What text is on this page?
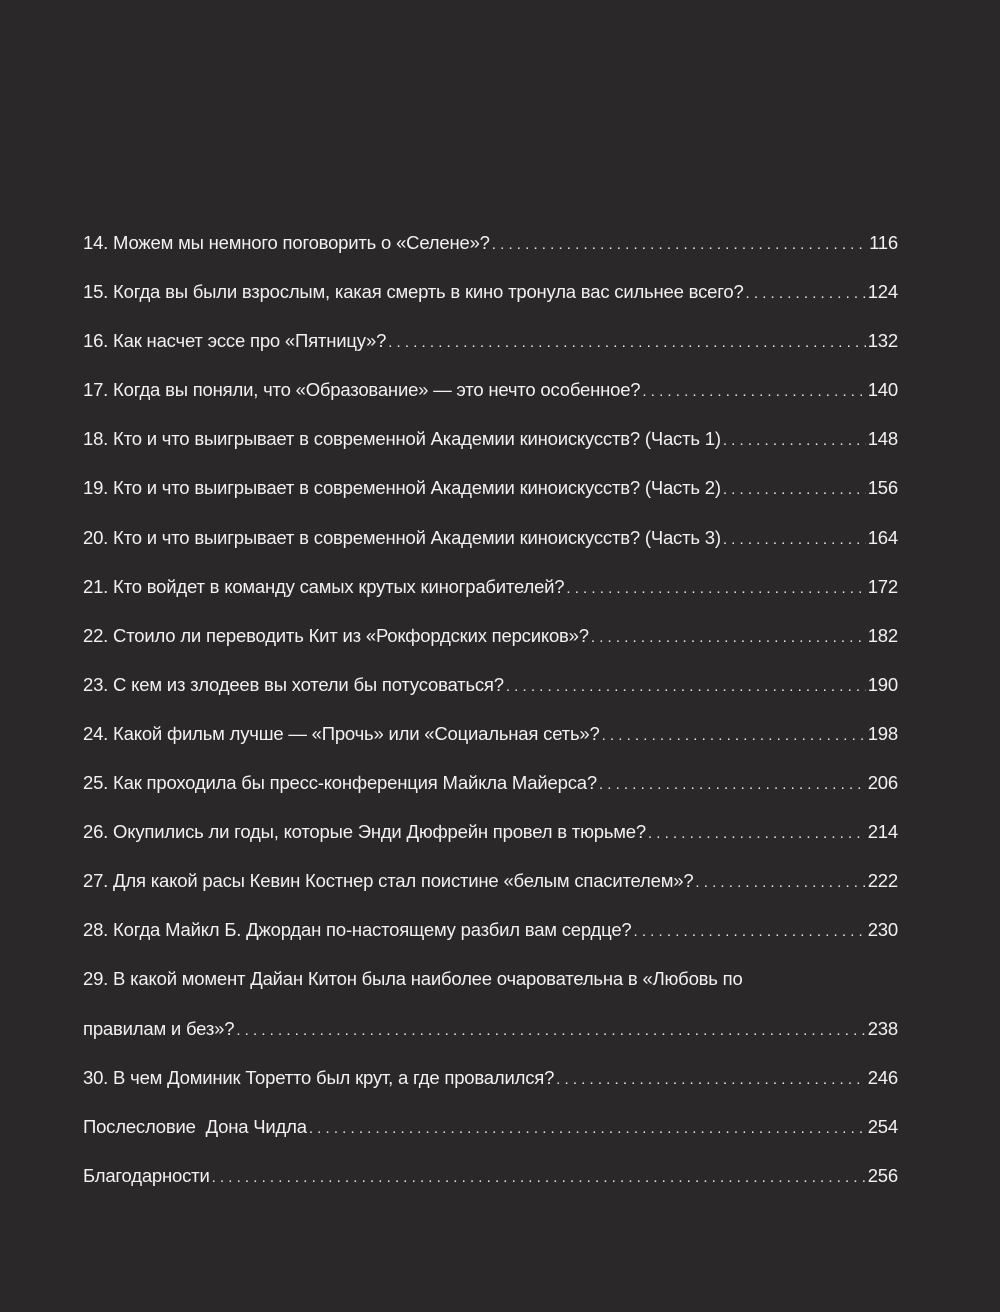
14. Можем мы немного поговорить о «Селене»? . . .	116
15. Когда вы были взрослым, какая смерть в кино тронула вас сильнее всего? . . .	124
16. Как насчет эссе про «Пятницу»? . . .	132
17. Когда вы поняли, что «Образование» — это нечто особенное? . . .	140
18. Кто и что выигрывает в современной Академии киноискусств? (Часть 1) . . .	148
19. Кто и что выигрывает в современной Академии киноискусств? (Часть 2) . . .	156
20. Кто и что выигрывает в современной Академии киноискусств? (Часть 3) . . .	164
21. Кто войдет в команду самых крутых кинограбителей? . . .	172
22. Стоило ли переводить Кит из «Рокфордских персиков»? . . .	182
23. С кем из злодеев вы хотели бы потусоваться? . . .	190
24. Какой фильм лучше — «Прочь» или «Социальная сеть»? . . .	198
25. Как проходила бы пресс-конференция Майкла Майерса? . . .	206
26. Окупились ли годы, которые Энди Дюфрейн провел в тюрьме? . . .	214
27. Для какой расы Кевин Костнер стал поистине «белым спасителем»? . . .	222
28. Когда Майкл Б. Джордан по-настоящему разбил вам сердце? . . .	230
29. В какой момент Дайан Китон была наиболее очаровательна в «Любовь по
правилам и без»? . . .	238
30. В чем Доминик Торетто был крут, а где провалился? . . .	246
Послесловие  Дона Чидла . . .	254
Благодарности . . .	256
